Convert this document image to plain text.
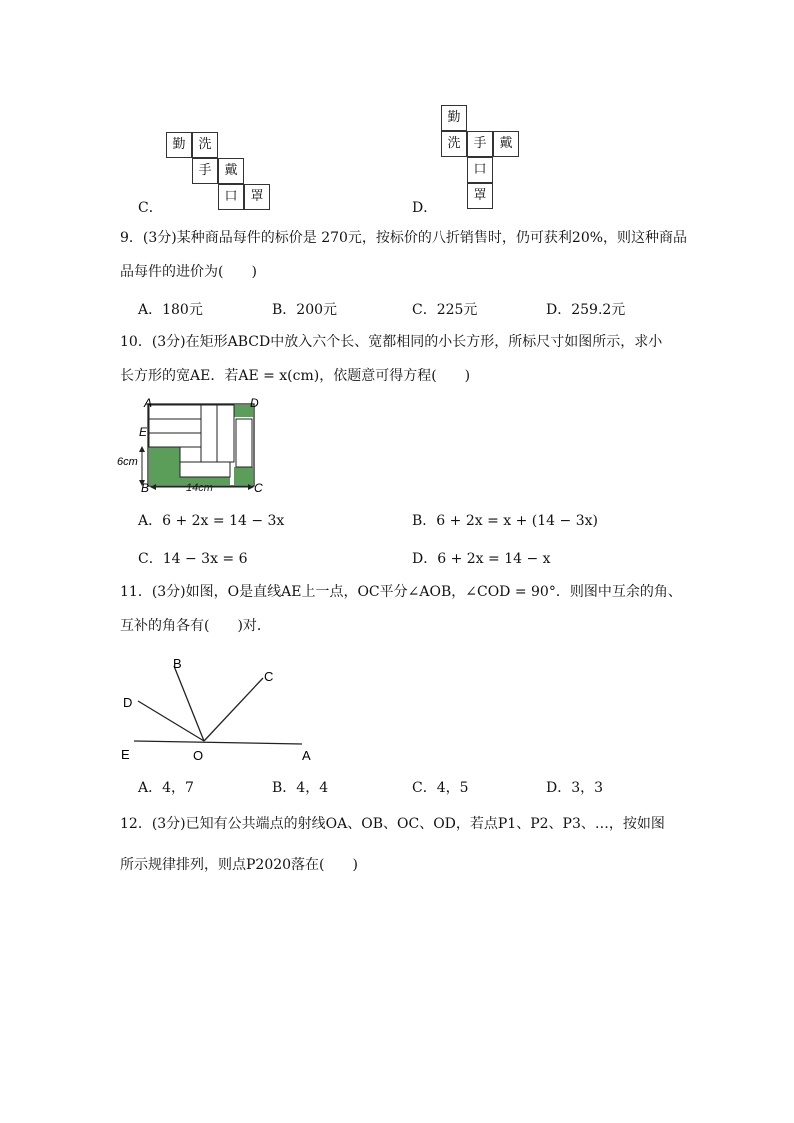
勤 洗
手 戴
口 罩
C．
勤
洗 手 戴
口
罩
D．
9．(3分)某种商品每件的标价是 270元，按标价的八折销售时，仍可获利20%，则这种商品
品每件的进价为(　　)
A．180元	B．200元	C．225元	D．259.2元
10．(3分)在矩形ABCD中放入六个长、宽都相同的小长方形，所标尺寸如图所示，求小
长方形的宽AE．若AE = x(cm)，依题意可得方程(　　)
A	D
E
B	C
6cm
14cm
A．6 + 2x = 14 − 3x	B．6 + 2x = x + (14 − 3x)
C．14 − 3x = 6	D．6 + 2x = 14 − x
11．(3分)如图，O是直线AE上一点，OC平分∠AOB，∠COD = 90°．则图中互余的角、
互补的角各有(　　)对．
B
C
D
E	O	A
A．4，7	B．4，4	C．4，5	D．3，3
12．(3分)已知有公共端点的射线OA、OB、OC、OD，若点P1、P2、P3、…，按如图
所示规律排列，则点P2020落在(　　)
